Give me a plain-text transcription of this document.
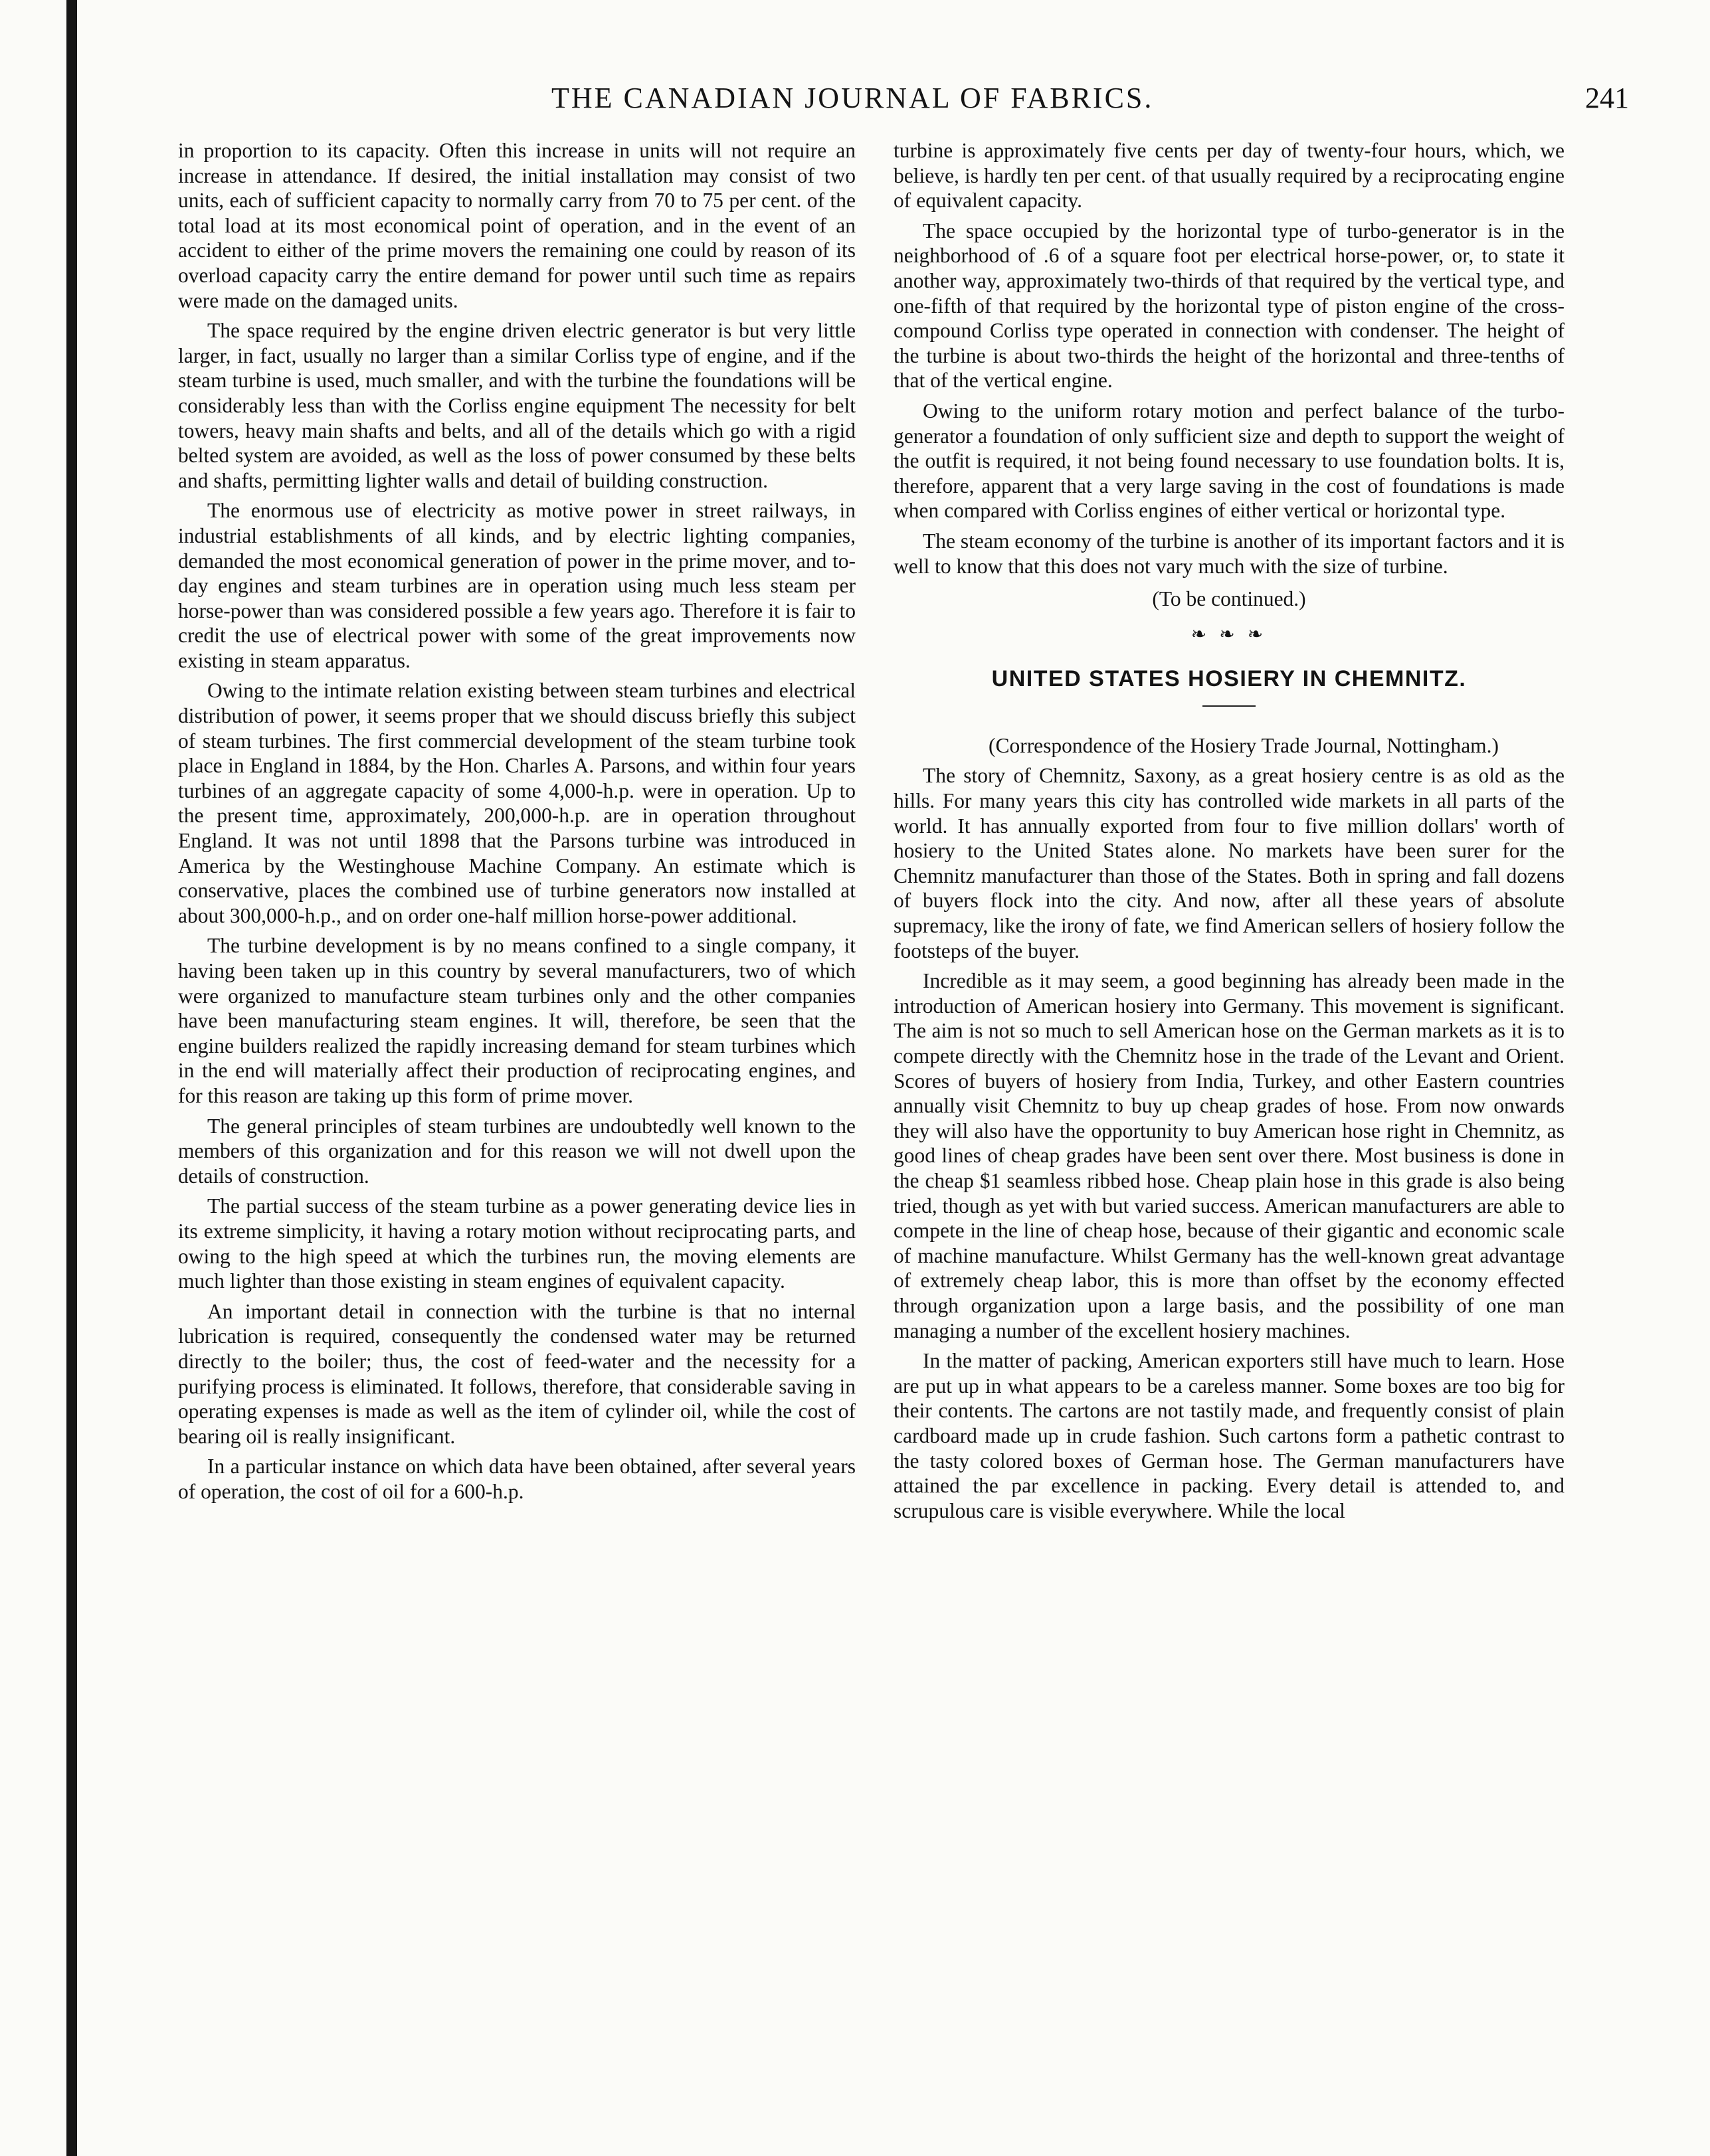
THE CANADIAN JOURNAL OF FABRICS.	241

in proportion to its capacity. Often this increase in units will not require an increase in attendance. If desired, the initial installation may consist of two units, each of sufficient capacity to normally carry from 70 to 75 per cent. of the total load at its most economical point of operation, and in the event of an accident to either of the prime movers the remaining one could by reason of its overload capacity carry the entire demand for power until such time as repairs were made on the damaged units.

The space required by the engine driven electric generator is but very little larger, in fact, usually no larger than a similar Corliss type of engine, and if the steam turbine is used, much smaller, and with the turbine the foundations will be considerably less than with the Corliss engine equipment The necessity for belt towers, heavy main shafts and belts, and all of the details which go with a rigid belted system are avoided, as well as the loss of power consumed by these belts and shafts, permitting lighter walls and detail of building construction.

The enormous use of electricity as motive power in street railways, in industrial establishments of all kinds, and by electric lighting companies, demanded the most economical generation of power in the prime mover, and to-day engines and steam turbines are in operation using much less steam per horse-power than was considered possible a few years ago. Therefore it is fair to credit the use of electrical power with some of the great improvements now existing in steam apparatus.

Owing to the intimate relation existing between steam turbines and electrical distribution of power, it seems proper that we should discuss briefly this subject of steam turbines. The first commercial development of the steam turbine took place in England in 1884, by the Hon. Charles A. Parsons, and within four years turbines of an aggregate capacity of some 4,000-h.p. were in operation. Up to the present time, approximately, 200,000-h.p. are in operation throughout England. It was not until 1898 that the Parsons turbine was introduced in America by the Westinghouse Machine Company. An estimate which is conservative, places the combined use of turbine generators now installed at about 300,000-h.p., and on order one-half million horse-power additional.

The turbine development is by no means confined to a single company, it having been taken up in this country by several manufacturers, two of which were organized to manufacture steam turbines only and the other companies have been manufacturing steam engines. It will, therefore, be seen that the engine builders realized the rapidly increasing demand for steam turbines which in the end will materially affect their production of reciprocating engines, and for this reason are taking up this form of prime mover.

The general principles of steam turbines are undoubtedly well known to the members of this organization and for this reason we will not dwell upon the details of construction.

The partial success of the steam turbine as a power generating device lies in its extreme simplicity, it having a rotary motion without reciprocating parts, and owing to the high speed at which the turbines run, the moving elements are much lighter than those existing in steam engines of equivalent capacity.

An important detail in connection with the turbine is that no internal lubrication is required, consequently the condensed water may be returned directly to the boiler; thus, the cost of feed-water and the necessity for a purifying process is eliminated. It follows, therefore, that considerable saving in operating expenses is made as well as the item of cylinder oil, while the cost of bearing oil is really insignificant.

In a particular instance on which data have been obtained, after several years of operation, the cost of oil for a 600-h.p.

turbine is approximately five cents per day of twenty-four hours, which, we believe, is hardly ten per cent. of that usually required by a reciprocating engine of equivalent capacity.

The space occupied by the horizontal type of turbo-generator is in the neighborhood of .6 of a square foot per electrical horse-power, or, to state it another way, approximately two-thirds of that required by the vertical type, and one-fifth of that required by the horizontal type of piston engine of the cross-compound Corliss type operated in connection with condenser. The height of the turbine is about two-thirds the height of the horizontal and three-tenths of that of the vertical engine.

Owing to the uniform rotary motion and perfect balance of the turbo-generator a foundation of only sufficient size and depth to support the weight of the outfit is required, it not being found necessary to use foundation bolts. It is, therefore, apparent that a very large saving in the cost of foundations is made when compared with Corliss engines of either vertical or horizontal type.

The steam economy of the turbine is another of its important factors and it is well to know that this does not vary much with the size of turbine.

(To be continued.)
❧ ❧ ❧
UNITED STATES HOSIERY IN CHEMNITZ.

(Correspondence of the Hosiery Trade Journal, Nottingham.)

The story of Chemnitz, Saxony, as a great hosiery centre is as old as the hills. For many years this city has controlled wide markets in all parts of the world. It has annually exported from four to five million dollars' worth of hosiery to the United States alone. No markets have been surer for the Chemnitz manufacturer than those of the States. Both in spring and fall dozens of buyers flock into the city. And now, after all these years of absolute supremacy, like the irony of fate, we find American sellers of hosiery follow the footsteps of the buyer.

Incredible as it may seem, a good beginning has already been made in the introduction of American hosiery into Germany. This movement is significant. The aim is not so much to sell American hose on the German markets as it is to compete directly with the Chemnitz hose in the trade of the Levant and Orient. Scores of buyers of hosiery from India, Turkey, and other Eastern countries annually visit Chemnitz to buy up cheap grades of hose. From now onwards they will also have the opportunity to buy American hose right in Chemnitz, as good lines of cheap grades have been sent over there. Most business is done in the cheap $1 seamless ribbed hose. Cheap plain hose in this grade is also being tried, though as yet with but varied success. American manufacturers are able to compete in the line of cheap hose, because of their gigantic and economic scale of machine manufacture. Whilst Germany has the well-known great advantage of extremely cheap labor, this is more than offset by the economy effected through organization upon a large basis, and the possibility of one man managing a number of the excellent hosiery machines.

In the matter of packing, American exporters still have much to learn. Hose are put up in what appears to be a careless manner. Some boxes are too big for their contents. The cartons are not tastily made, and frequently consist of plain cardboard made up in crude fashion. Such cartons form a pathetic contrast to the tasty colored boxes of German hose. The German manufacturers have attained the par excellence in packing. Every detail is attended to, and scrupulous care is visible everywhere. While the local
